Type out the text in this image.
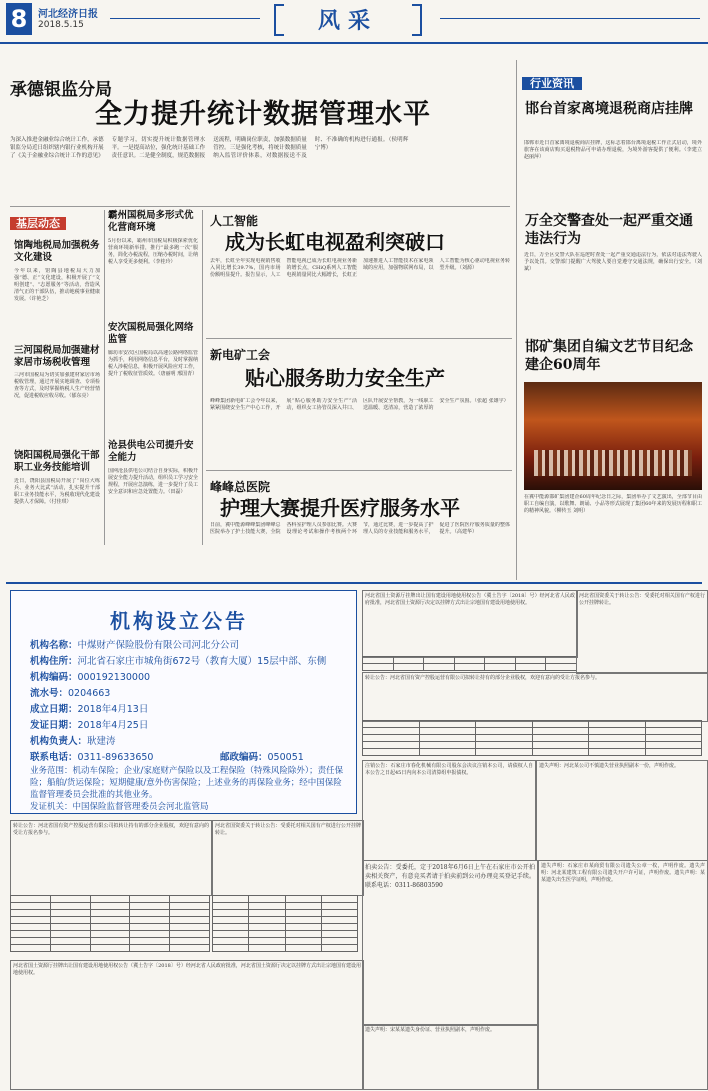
8	河北经济日报
2018.5.15	风采
承德银监分局
全力提升统计数据管理水平
为深入推进金融业综合统计工作，承德银监分局近日组织辖内银行业机构开展了《关于金融业综合统计工作的意见》专题学习，切实提升统计数据管理水平。一是提高站位，强化统计基础工作责任意识。二是健全制度，规范数据报送流程，明确岗位职责，加强数据质量管控。三是强化考核，将统计数据质量纳入监管评价体系，对数据报送不及时、不准确的机构进行通报。（侯明辉 宁博）
基层动态
馆陶地税局加强税务文化建设
今年以来，馆陶县地税局大力加强“德、正”文化建设，积极开展了“文明创建”、“志愿服务”等活动，营造风清气正的干部队伍，推动地税事业健康发展。（许艳芝）
三河国税局加强建材家居市场税收管理
三河市国税局为切实加强建材家居市场税收管理，通过开展实地调查、专项检查等方式，及时掌握纳税人生产经营情况，促进税收应收尽收。（郁东亮）
饶阳国税局强化干部职工业务技能培训
近日，饶阳县国税局开展了“岗位大练兵、业务大比武”活动，扎实提升干部职工业务技能水平，为税收现代化建设提供人才保障。（付佳琪）
霸州国税局多形式优化营商环境
5月份以来，霸州市国税局积极探索优化营商环境新举措，推行“最多跑一次”服务，简化办税流程，压缩办税时间，让纳税人享受更多便利。（李桂玲）
安次国税局强化网络监管
廊坊市安次区国税局以高速公路网络监管为抓手，利用网络信息平台，及时掌握纳税人涉税信息，积极开展风险应对工作，提升了税收征管质效。（唐丽明 邢国青）
沧县供电公司提升安全能力
国网沧县供电公司结合自身实际，积极开展安全能力提升活动，组织员工学习安全规程，开展应急演练，进一步提升了员工安全意识和应急处置能力。（田磊）
人工智能
成为长虹电视盈利突破口
去年，长虹全年实现电视销售收入同比增长39.7%，国内市场份额明显提升。报告显示，人工智能电视已成为长虹电视业务新的增长点，CHiQ系列人工智能电视销量同比大幅增长，长虹正加速推进人工智能技术在家电领域的应用，加强物联网布局，以人工智能为核心驱动电视业务转型升级。（刘源）
新电矿工会
贴心服务助力安全生产
峰峰集团新电矿工会今年以来，紧紧围绕安全生产中心工作，开展“贴心服务助力安全生产”活动，组织女工协管员深入井口、区队开展安全帮教，为一线职工送温暖、送清凉，营造了浓厚的安全生产氛围。（张超 张雄宇）
峰峰总医院
护理大赛提升医疗服务水平
日前，冀中能源峰峰集团峰峰总医院举办了护士技能大赛，全院各科室护理人员参加比赛。大赛设理论考试和操作考核两个环节，通过比赛，进一步提高了护理人员的专业技能和服务水平，促进了医院医疗服务质量的整体提升。（高建华）
行业资讯
邯台首家离境退税商店挂牌
邯郸市近日首家离境退税商店挂牌，这标志着邯台离境退税工作正式启动，境外旅客在该商店购买退税物品可申请办理退税，为境外游客提供了便利。（李建立 赵丽萍）
万全交警查处一起严重交通违法行为
近日，万全区交警大队在巡逻时查处一起严重交通违法行为，依法对违法驾驶人予以处罚。交警部门提醒广大驾驶人要自觉遵守交通法规，确保出行安全。（刘斌）
邯矿集团自编文艺节目纪念建企60周年
在冀中能源邯矿集团建企60周年纪念日之际，集团举办了文艺演出，全部节目由职工自编自演，以歌舞、朗诵、小品等形式展现了集团60年来的发展历程和职工的精神风貌。（柳传玉 刘明）
机构设立公告
机构名称：中煤财产保险股份有限公司河北分公司
机构住所：河北省石家庄市城角街672号（教育大厦）15层中部、东侧
机构编码：000192130000
流水号：0204663
成立日期：2018年4月13日
发证日期：2018年4月25日
机构负责人：耿建涛
联系电话：0311-89633650	邮政编码：050051
业务范围：机动车保险；企业/家庭财产保险以及工程保险（特殊风险除外）；责任保险；船舶/货运保险；短期健康/意外伤害保险；上述业务的再保险业务；经中国保险监督管理委员会批准的其他业务。
发证机关：中国保险监督管理委员会河北监管局
河北省国土资源厅挂牌出让国有建设用地使用权公告（冀土告字〔2018〕号）经河北省人民政府批准，河北省国土资源厅决定以挂牌方式出让宗地国有建设用地使用权。

河北省国资委关于转让公告：受委托对相关国有产权进行公开挂牌转让。
转让公告：河北省国有资产控股运营有限公司拟转让持有的部分企业股权，欢迎有意向的受让方报名参与。

注销公告：石家庄市春化机械有限公司股东会决议注销本公司，请债权人自本公告之日起45日内向本公司清算组申报债权。
遗失声明：河北某公司不慎遗失营业执照副本一份，声明作废。
拍卖公告：受委托，定于2018年6月6日上午在石家庄市公开拍卖相关资产，有意竞买者请于拍卖前到公司办理竞买登记手续。联系电话：0311-86803590
遗失声明：宋某某遗失身份证、营业执照副本，声明作废。
遗失声明：石家庄市某商贸有限公司遗失公章一枚，声明作废。遗失声明：河北某建筑工程有限公司遗失开户许可证，声明作废。遗失声明：某某遗失出生医学证明，声明作废。
转让公告：河北省国有资产控股运营有限公司拟转让持有的部分企业股权，欢迎有意向的受让方报名参与。

河北省国资委关于转让公告：受委托对相关国有产权进行公开挂牌转让。

河北省国土资源厅挂牌出让国有建设用地使用权公告（冀土告字〔2018〕号）经河北省人民政府批准，河北省国土资源厅决定以挂牌方式出让宗地国有建设用地使用权。
